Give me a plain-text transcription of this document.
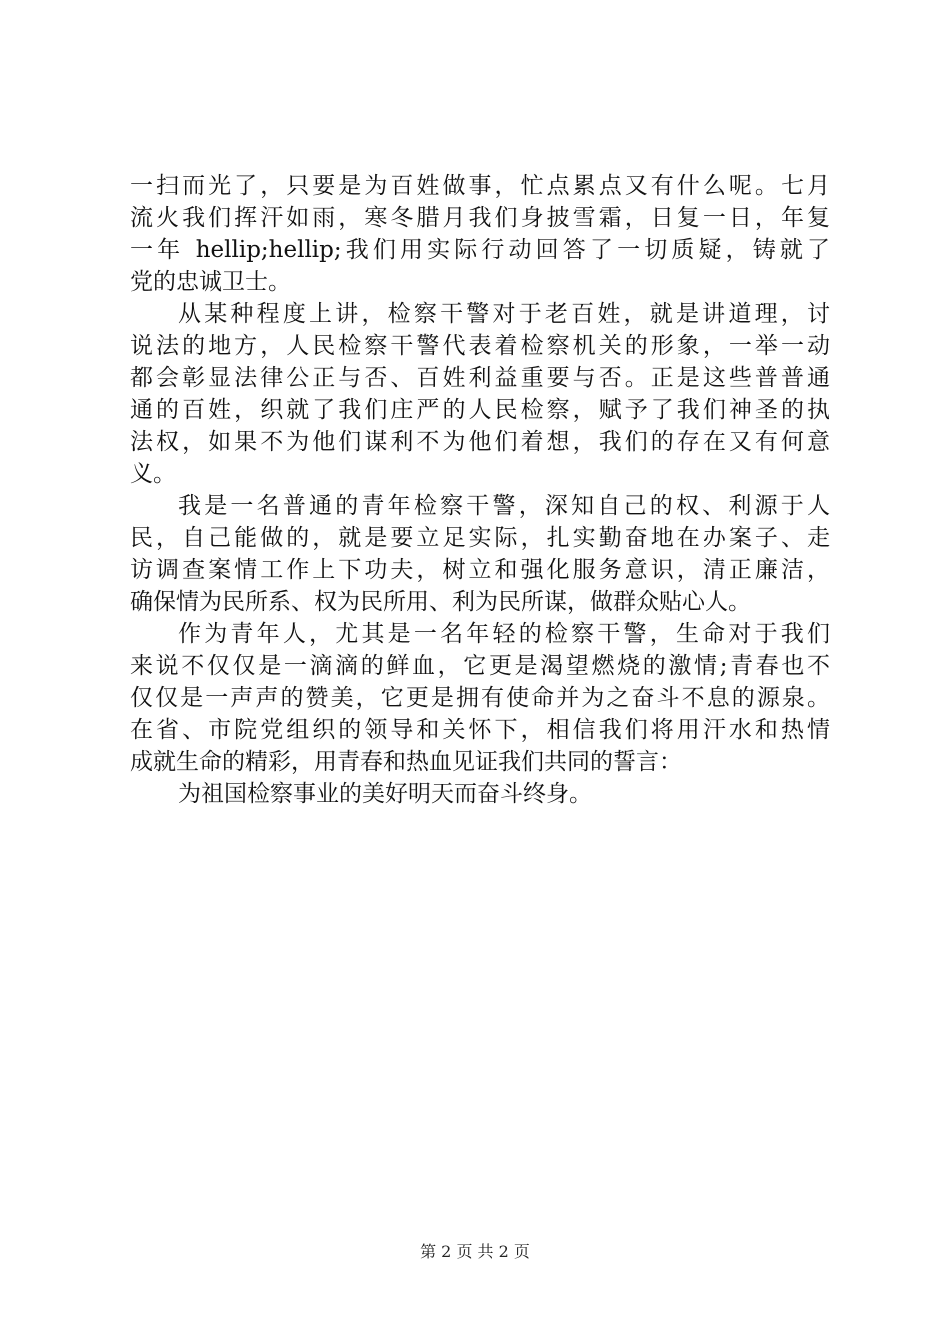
一扫而光了，只要是为百姓做事，忙点累点又有什么呢。七月
流火我们挥汗如雨，寒冬腊月我们身披雪霜，日复一日，年复
一年 hellip;hellip;我们用实际行动回答了一切质疑，铸就了
党的忠诚卫士。
从某种程度上讲，检察干警对于老百姓，就是讲道理，讨
说法的地方，人民检察干警代表着检察机关的形象，一举一动
都会彰显法律公正与否、百姓利益重要与否。正是这些普普通
通的百姓，织就了我们庄严的人民检察，赋予了我们神圣的执
法权，如果不为他们谋利不为他们着想，我们的存在又有何意
义。
我是一名普通的青年检察干警，深知自己的权、利源于人
民，自己能做的，就是要立足实际，扎实勤奋地在办案子、走
访调查案情工作上下功夫，树立和强化服务意识，清正廉洁，
确保情为民所系、权为民所用、利为民所谋，做群众贴心人。
作为青年人，尤其是一名年轻的检察干警，生命对于我们
来说不仅仅是一滴滴的鲜血，它更是渴望燃烧的激情;青春也不
仅仅是一声声的赞美，它更是拥有使命并为之奋斗不息的源泉。
在省、市院党组织的领导和关怀下，相信我们将用汗水和热情
成就生命的精彩，用青春和热血见证我们共同的誓言：
为祖国检察事业的美好明天而奋斗终身。
第 2 页 共 2 页
